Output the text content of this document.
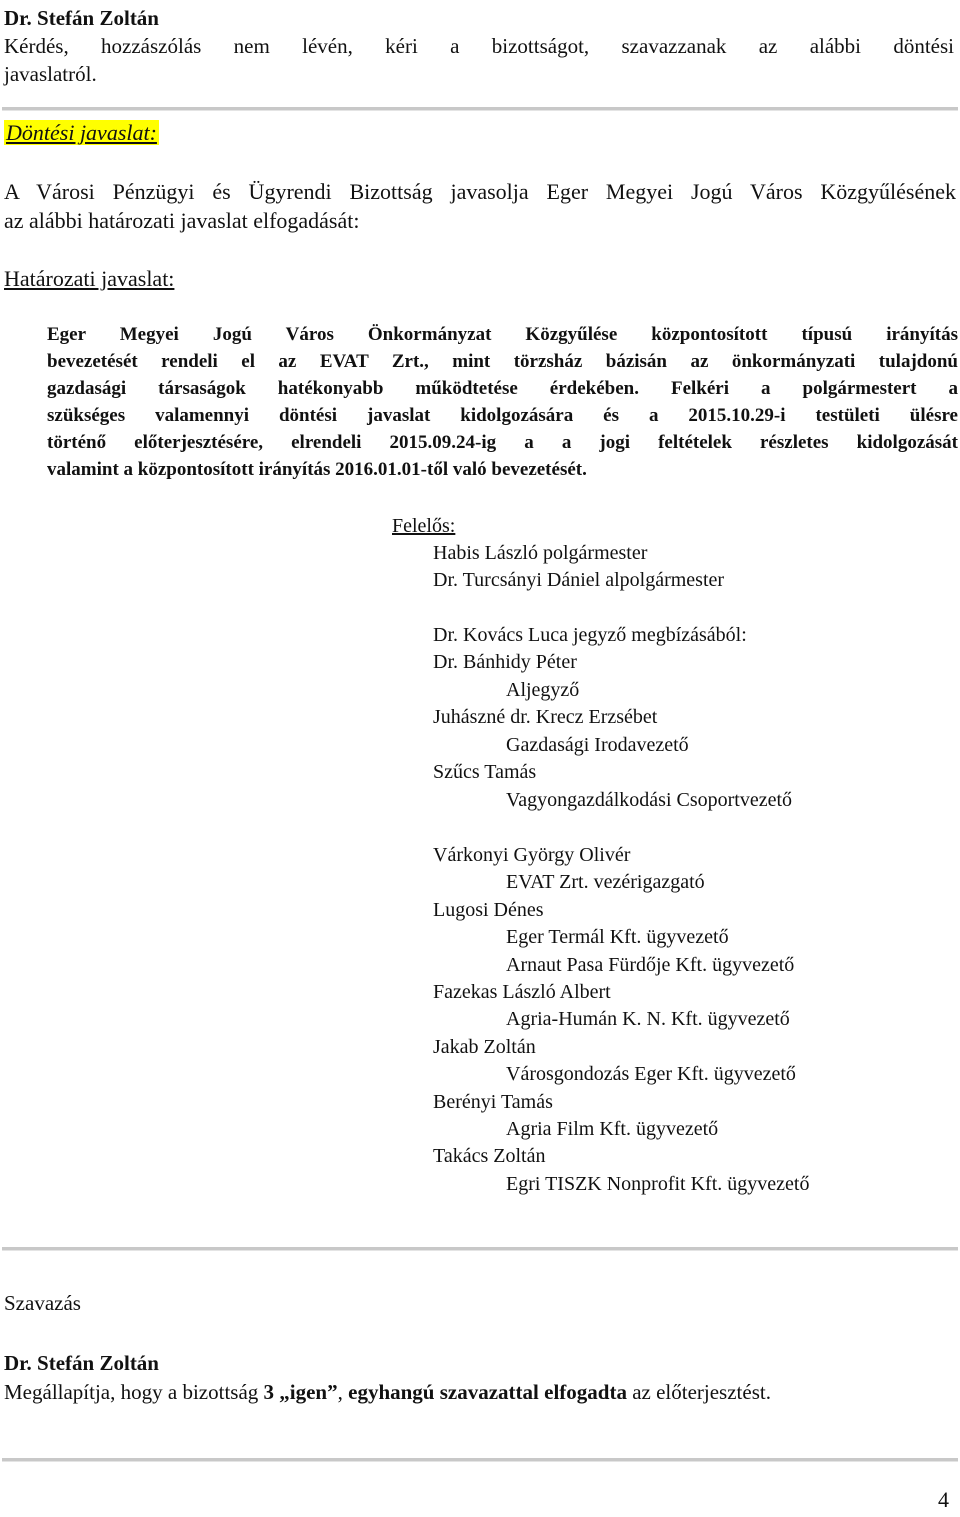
Dr. Stefán Zoltán
Kérdés, hozzászólás nem lévén, kéri a bizottságot, szavazzanak az alábbi döntési
javaslatról.
Döntési javaslat:
A Városi Pénzügyi és Ügyrendi Bizottság javasolja Eger Megyei Jogú Város Közgyűlésének
az alábbi határozati javaslat elfogadását:
Határozati javaslat:
Eger Megyei Jogú Város Önkormányzat Közgyűlése központosított típusú irányítás
bevezetését rendeli el az EVAT Zrt., mint törzsház bázisán az önkormányzati tulajdonú
gazdasági társaságok hatékonyabb működtetése érdekében. Felkéri a polgármestert a
szükséges valamennyi döntési javaslat kidolgozására és a 2015.10.29-i testületi ülésre
történő előterjesztésére, elrendeli 2015.09.24-ig a a jogi feltételek részletes kidolgozását
valamint a központosított irányítás 2016.01.01-től való bevezetését.
Felelős:
Habis László polgármester
Dr. Turcsányi Dániel alpolgármester
Dr. Kovács Luca jegyző megbízásából:
Dr. Bánhidy Péter
Aljegyző
Juhászné dr. Krecz Erzsébet
Gazdasági Irodavezető
Szűcs Tamás
Vagyongazdálkodási Csoportvezető
Várkonyi György Olivér
EVAT Zrt. vezérigazgató
Lugosi Dénes
Eger Termál Kft. ügyvezető
Arnaut Pasa Fürdője Kft. ügyvezető
Fazekas László Albert
Agria-Humán K. N. Kft. ügyvezető
Jakab Zoltán
Városgondozás Eger Kft. ügyvezető
Berényi Tamás
Agria Film Kft. ügyvezető
Takács Zoltán
Egri TISZK Nonprofit Kft. ügyvezető
Szavazás
Dr. Stefán Zoltán
Megállapítja, hogy a bizottság 3 „igen”, egyhangú szavazattal elfogadta az előterjesztést.
4
